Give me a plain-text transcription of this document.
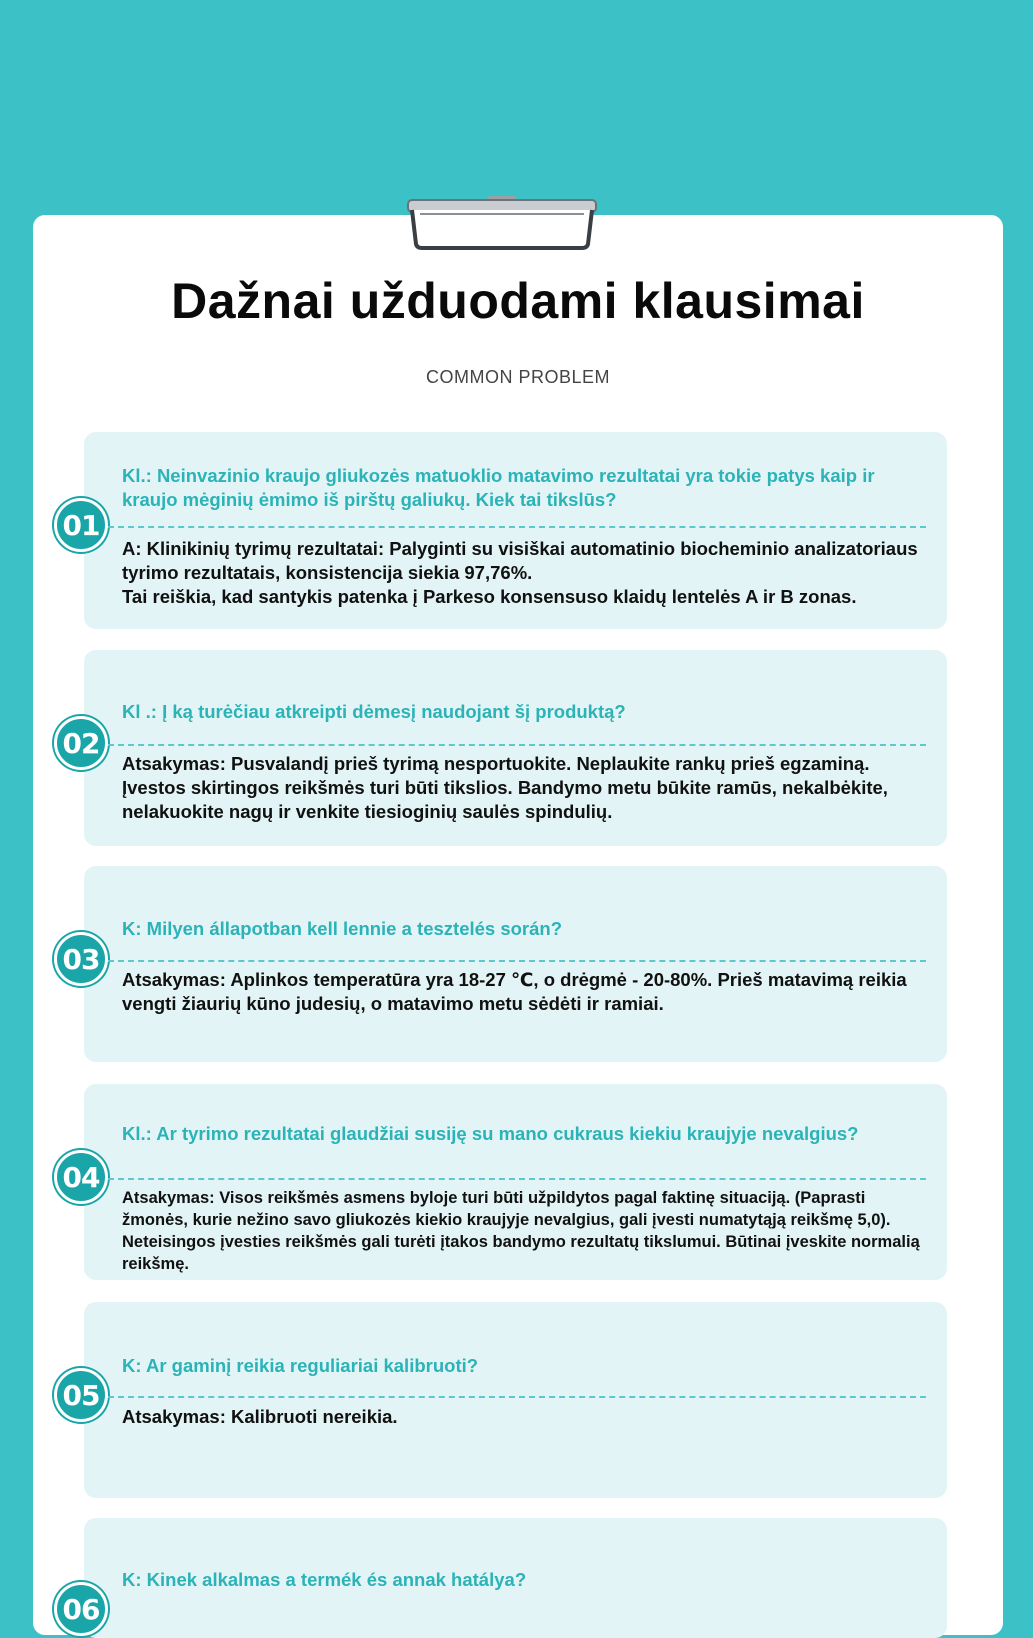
Dažnai užduodami klausimai
COMMON PROBLEM
01
Kl.: Neinvazinio kraujo gliukozės matuoklio matavimo rezultatai yra tokie patys kaip ir kraujo mėginių ėmimo iš pirštų galiukų. Kiek tai tikslūs?
A: Klinikinių tyrimų rezultatai: Palyginti su visiškai automatinio biocheminio analizatoriaus tyrimo rezultatais, konsistencija siekia 97,76%.
Tai reiškia, kad santykis patenka į Parkeso konsensuso klaidų lentelės A ir B zonas.
02
Kl .: Į ką turėčiau atkreipti dėmesį naudojant šį produktą?
Atsakymas: Pusvalandį prieš tyrimą nesportuokite. Neplaukite rankų prieš egzaminą. Įvestos skirtingos reikšmės turi būti tikslios. Bandymo metu būkite ramūs, nekalbėkite, nelakuokite nagų ir venkite tiesioginių saulės spindulių.
03
K: Milyen állapotban kell lennie a tesztelés során?
Atsakymas: Aplinkos temperatūra yra 18-27 ℃, o drėgmė - 20-80%. Prieš matavimą reikia vengti žiaurių kūno judesių, o matavimo metu sėdėti ir ramiai.
04
Kl.: Ar tyrimo rezultatai glaudžiai susiję su mano cukraus kiekiu kraujyje nevalgius?
Atsakymas: Visos reikšmės asmens byloje turi būti užpildytos pagal faktinę situaciją. (Paprasti žmonės, kurie nežino savo gliukozės kiekio kraujyje nevalgius, gali įvesti numatytąją reikšmę 5,0). Neteisingos įvesties reikšmės gali turėti įtakos bandymo rezultatų tikslumui. Būtinai įveskite normalią reikšmę.
05
K: Ar gaminį reikia reguliariai kalibruoti?
Atsakymas: Kalibruoti nereikia.
06
K: Kinek alkalmas a termék és annak hatálya?
